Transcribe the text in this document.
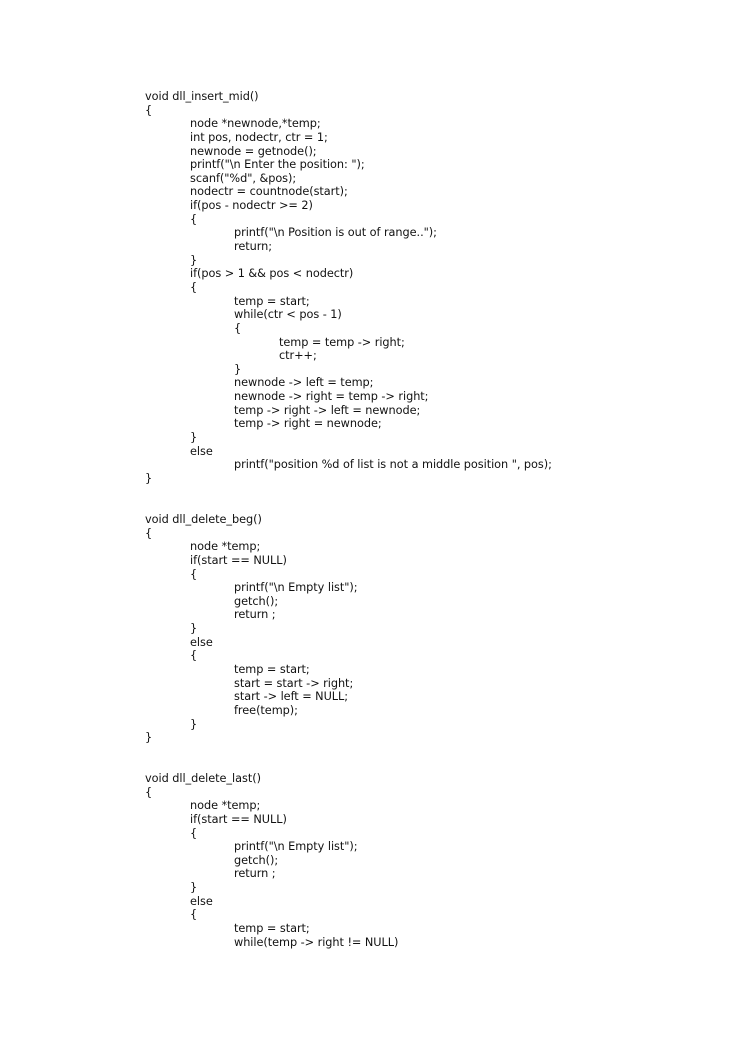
void dll_insert_mid()
{
node *newnode,*temp;
int pos, nodectr, ctr = 1;
newnode = getnode();
printf("\n Enter the position: ");
scanf("%d", &pos);
nodectr = countnode(start);
if(pos - nodectr >= 2)
{
printf("\n Position is out of range..");
return;
}
if(pos > 1 && pos < nodectr)
{
temp = start;
while(ctr < pos - 1)
{
temp = temp -> right;
ctr++;
}
newnode -> left = temp;
newnode -> right = temp -> right;
temp -> right -> left = newnode;
temp -> right = newnode;
}
else
printf("position %d of list is not a middle position ", pos);
}
void dll_delete_beg()
{
node *temp;
if(start == NULL)
{
printf("\n Empty list");
getch();
return ;
}
else
{
temp = start;
start = start -> right;
start -> left = NULL;
free(temp);
}
}
void dll_delete_last()
{
node *temp;
if(start == NULL)
{
printf("\n Empty list");
getch();
return ;
}
else
{
temp = start;
while(temp -> right != NULL)
